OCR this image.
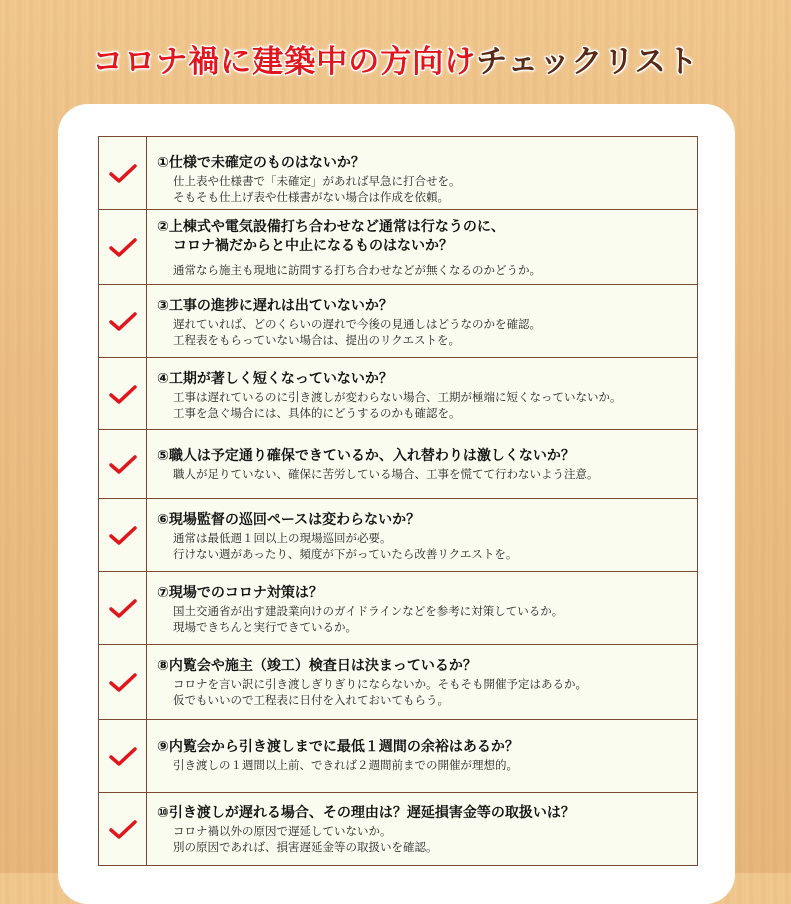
コロナ禍に建築中の方向けチェックリスト
①仕様で未確定のものはないか？
仕上表や仕様書で「未確定」があれば早急に打合せを。
そもそも仕上げ表や仕様書がない場合は作成を依頼。
②上棟式や電気設備打ち合わせなど通常は行なうのに、
コロナ禍だからと中止になるものはないか？
通常なら施主も現地に訪問する打ち合わせなどが無くなるのかどうか。
③工事の進捗に遅れは出ていないか？
遅れていれば、どのくらいの遅れで今後の見通しはどうなのかを確認。
工程表をもらっていない場合は、提出のリクエストを。
④工期が著しく短くなっていないか？
工事は遅れているのに引き渡しが変わらない場合、工期が極端に短くなっていないか。
工事を急ぐ場合には、具体的にどうするのかも確認を。
⑤職人は予定通り確保できているか、入れ替わりは激しくないか？
職人が足りていない、確保に苦労している場合、工事を慌てて行わないよう注意。
⑥現場監督の巡回ペースは変わらないか？
通常は最低週１回以上の現場巡回が必要。
行けない週があったり、頻度が下がっていたら改善リクエストを。
⑦現場でのコロナ対策は？
国土交通省が出す建設業向けのガイドラインなどを参考に対策しているか。
現場できちんと実行できているか。
⑧内覧会や施主（竣工）検査日は決まっているか？
コロナを言い訳に引き渡しぎりぎりにならないか。そもそも開催予定はあるか。
仮でもいいので工程表に日付を入れておいてもらう。
⑨内覧会から引き渡しまでに最低１週間の余裕はあるか？
引き渡しの１週間以上前、できれば２週間前までの開催が理想的。
⑩引き渡しが遅れる場合、その理由は？遅延損害金等の取扱いは？
コロナ禍以外の原因で遅延していないか。
別の原因であれば、損害遅延金等の取扱いを確認。
